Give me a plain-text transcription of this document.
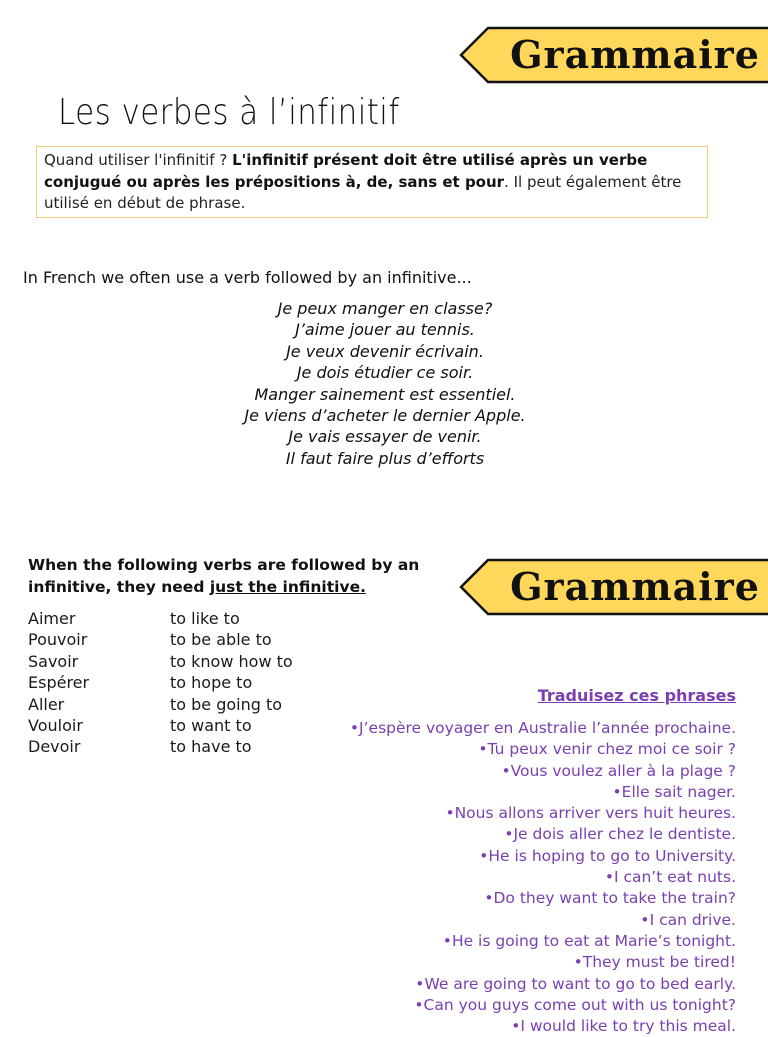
Grammaire
Les verbes à l’infinitif
Quand utiliser l'infinitif ? L'infinitif présent doit être utilisé après un verbe conjugué ou après les prépositions à, de, sans et pour. Il peut également être utilisé en début de phrase.
In French we often use a verb followed by an infinitive...
Je peux manger en classe?
J’aime jouer au tennis.
Je veux devenir écrivain.
Je dois étudier ce soir.
Manger sainement est essentiel.
Je viens d’acheter le dernier Apple.
Je vais essayer de venir.
Il faut faire plus d’efforts
When the following verbs are followed by an infinitive, they need just the infinitive.
Aimer	to like to
Pouvoir	to be able to
Savoir	to know how to
Espérer	to hope to
Aller	to be going to
Vouloir	to want to
Devoir	to have to
Grammaire
Traduisez ces phrases
•J’espère voyager en Australie l’année prochaine.
•Tu peux venir chez moi ce soir ?
•Vous voulez aller à la plage ?
•Elle sait nager.
•Nous allons arriver vers huit heures.
•Je dois aller chez le dentiste.
•He is hoping to go to University.
•I can’t eat nuts.
•Do they want to take the train?
•I can drive.
•He is going to eat at Marie’s tonight.
•They must be tired!
•We are going to want to go to bed early.
•Can you guys come out with us tonight?
•I would like to try this meal.
